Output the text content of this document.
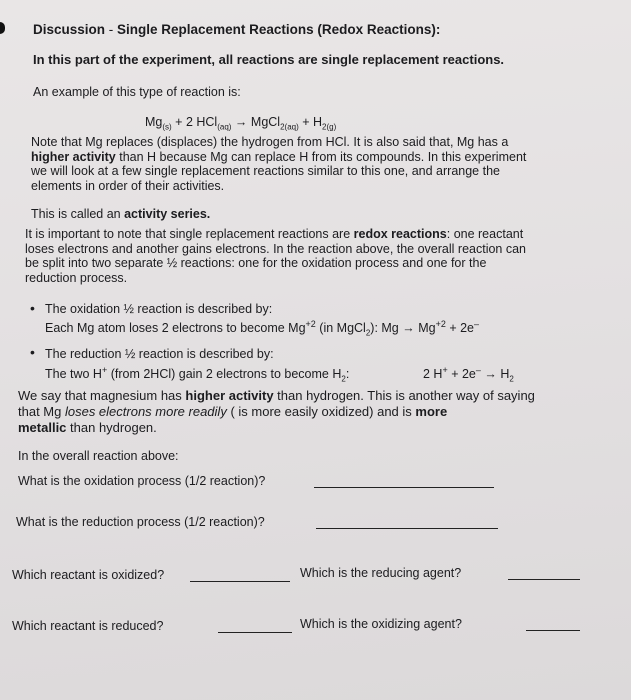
Discussion - Single Replacement Reactions (Redox Reactions):
In this part of the experiment, all reactions are single replacement reactions.
An example of this type of reaction is:
$Mg_{(s)} + 2$ HCl$_{(aq)}$ → MgCl$_{2(aq)}$ + $H_{2(g)}$
Note that Mg replaces (displaces) the hydrogen from HCl. It is also said that, Mg has a
higher activity than H because Mg can replace H from its compounds. In this experiment
we will look at a few single replacement reactions similar to this one, and arrange the
elements in order of their activities.
This is called an activity series.
It is important to note that single replacement reactions are redox reactions: one reactant
loses electrons and another gains electrons. In the reaction above, the overall reaction can
be split into two separate ½ reactions: one for the oxidation process and one for the
reduction process.
• The oxidation ½ reaction is described by:
Each Mg atom loses 2 electrons to become $Mg^{+2}$ (in MgCl$_2$): $Mg \to Mg^{+2} + 2e^-$
• The reduction ½ reaction is described by:
The two H+ (from 2HCl) gain 2 electrons to become $H_2$:	2 $H^+ + 2e^- \to H_2$
We say that magnesium has higher activity than hydrogen. This is another way of saying
that Mg loses electrons more readily ( is more easily oxidized) and is more
metallic than hydrogen.
In the overall reaction above:
What is the oxidation process (1/2 reaction)?
What is the reduction process (1/2 reaction)?
Which reactant is oxidized?	Which is the reducing agent?
Which reactant is reduced?	Which is the oxidizing agent?
